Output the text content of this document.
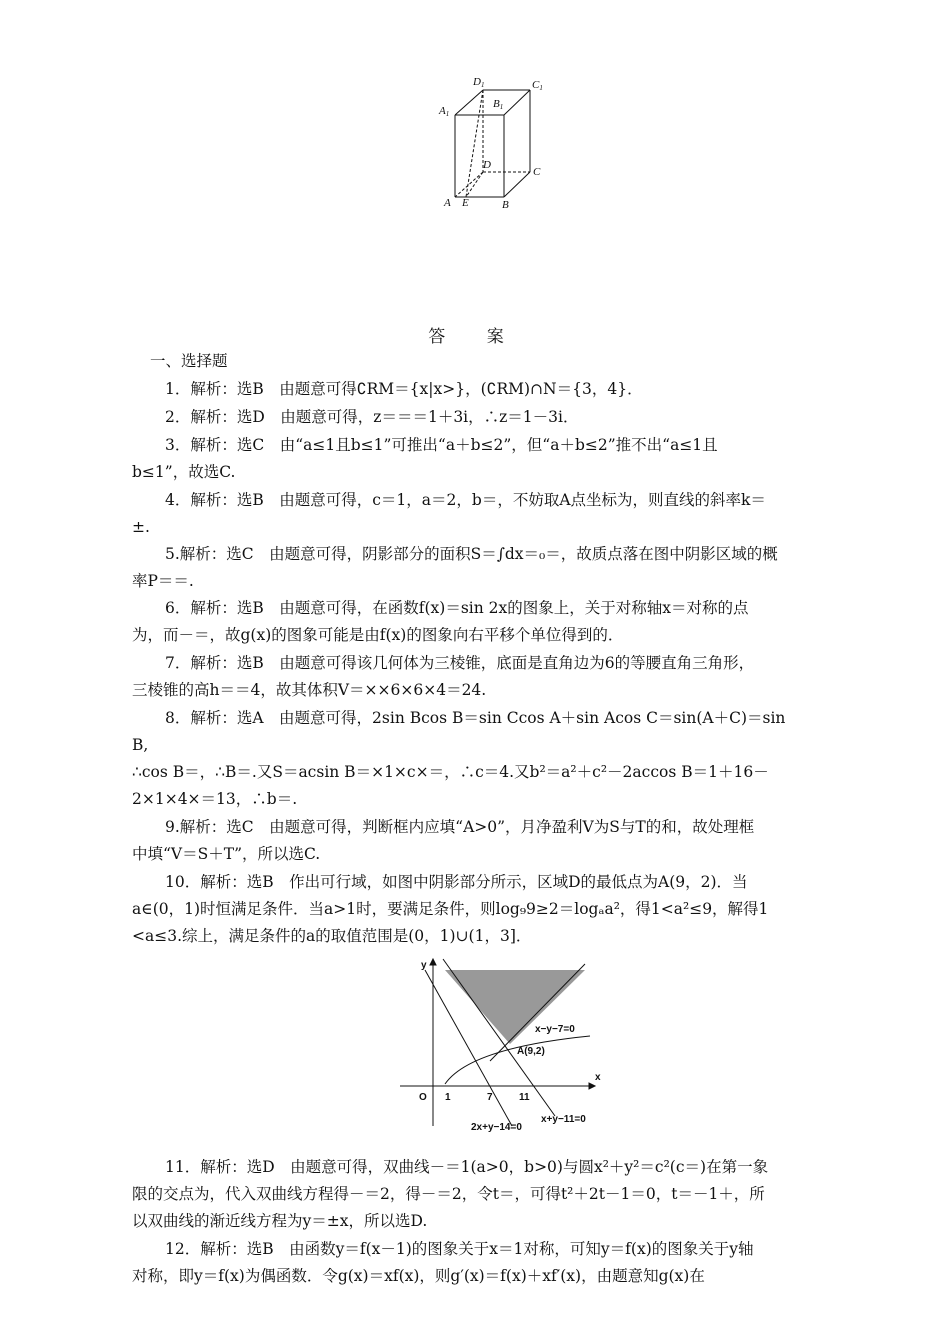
D1	C1
A1
B1
D
C
A E	B
答 案
一、选择题
1．解析：选B　由题意可得∁RM＝{x|x>}，(∁RM)∩N＝{3，4}．
2．解析：选D　由题意可得，z＝＝＝1＋3i，∴z＝1－3i．
3．解析：选C　由“a≤1且b≤1”可推出“a＋b≤2”，但“a＋b≤2”推不出“a≤1且
b≤1”，故选C.
4．解析：选B　由题意可得，c＝1，a＝2，b＝，不妨取A点坐标为，则直线的斜率k＝
±.
5.解析：选C　由题意可得，阴影部分的面积S＝∫dx＝₀＝，故质点落在图中阴影区域的概
率P＝＝.
6．解析：选B　由题意可得，在函数f(x)＝sin 2x的图象上，关于对称轴x＝对称的点
为，而－＝，故g(x)的图象可能是由f(x)的图象向右平移个单位得到的．
7．解析：选B　由题意可得该几何体为三棱锥，底面是直角边为6的等腰直角三角形，
三棱锥的高h＝＝4，故其体积V＝××6×6×4＝24.
8．解析：选A　由题意可得，2sin Bcos B＝sin Ccos A＋sin Acos C＝sin(A＋C)＝sin
B,
∴cos B＝，∴B＝.又S＝acsin B＝×1×c×＝，∴c＝4.又b²＝a²＋c²－2accos B＝1＋16－
2×1×4×＝13，∴b＝.
9.解析：选C　由题意可得，判断框内应填“A>0”，月净盈利V为S与T的和，故处理框
中填“V＝S＋T”，所以选C.
10．解析：选B　作出可行域，如图中阴影部分所示，区域D的最低点为A(9，2)．当
a∈(0，1)时恒满足条件．当a>1时，要满足条件，则log₉9≥2＝logₐa²，得1<a²≤9，解得1
<a≤3.综上，满足条件的a的取值范围是(0，1)∪(1，3]．
y
x
O 1	7	11
x−y−7=0
A(9,2)
2x+y−14=0
x+y−11=0
11．解析：选D　由题意可得，双曲线－＝1(a>0，b>0)与圆x²＋y²＝c²(c＝)在第一象
限的交点为，代入双曲线方程得－＝2，得－＝2，令t＝，可得t²＋2t－1＝0，t＝－1＋，所
以双曲线的渐近线方程为y＝±x，所以选D.
12．解析：选B　由函数y＝f(x－1)的图象关于x＝1对称，可知y＝f(x)的图象关于y轴
对称，即y＝f(x)为偶函数．令g(x)＝xf(x)，则g′(x)＝f(x)＋xf′(x)，由题意知g(x)在
